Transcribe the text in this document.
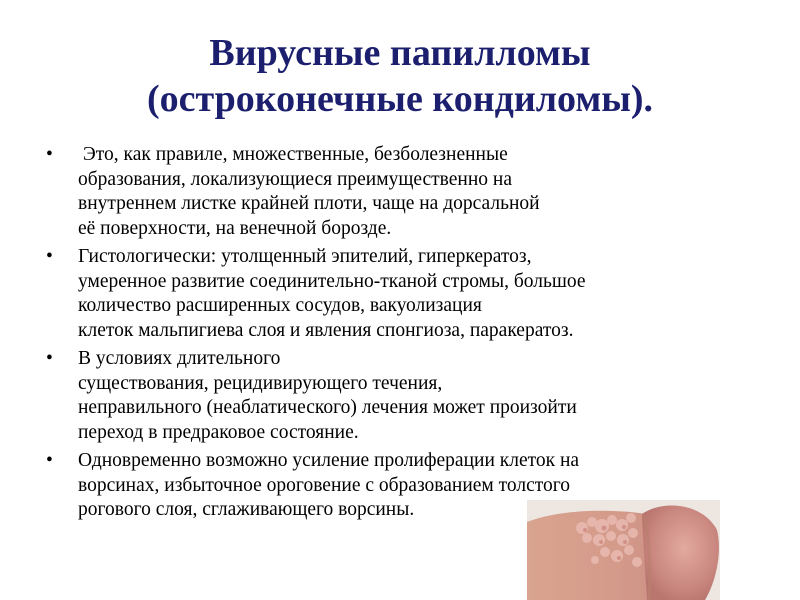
Вирусные папилломы
(остроконечные кондиломы).
•	Это, как правиле, множественные, безболезненные
образования, локализующиеся преимущественно на
внутреннем листке крайней плоти, чаще на дорсальной
её поверхности, на венечной борозде.
•	Гистологически: утолщенный эпителий, гиперкератоз,
умеренное развитие соединительно-тканой стромы, большое
количество расширенных сосудов, вакуолизация
клеток мальпигиева слоя и явления спонгиоза, паракератоз.
•	В условиях длительного
существования, рецидивирующего течения,
неправильного (неаблатического) лечения может произойти
переход в предраковое состояние.
•	Одновременно возможно усиление пролиферации клеток на
ворсинах, избыточное ороговение с образованием толстого
рогового слоя, сглаживающего ворсины.
